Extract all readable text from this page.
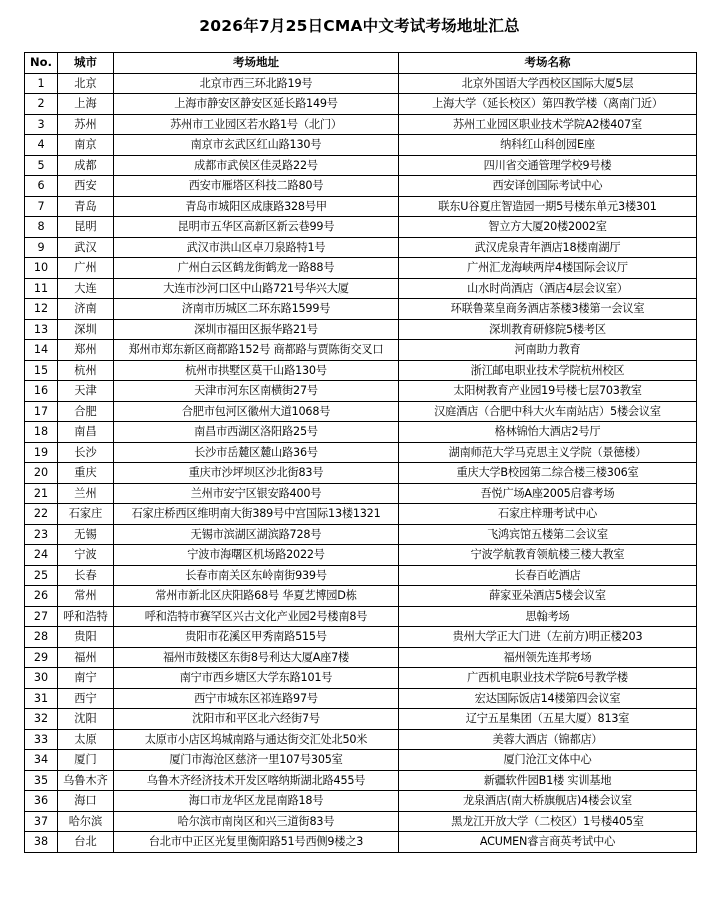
2026年7月25日CMA中文考试考场地址汇总
No.	城市	考场地址	考场名称
1	北京	北京市西三环北路19号	北京外国语大学西校区国际大厦5层
2	上海	上海市静安区静安区延长路149号	上海大学（延长校区）第四教学楼（离南门近）
3	苏州	苏州市工业园区若水路1号（北门）	苏州工业园区职业技术学院A2楼407室
4	南京	南京市玄武区红山路130号	纳科红山科创园E座
5	成都	成都市武侯区佳灵路22号	四川省交通管理学校9号楼
6	西安	西安市雁塔区科技二路80号	西安译创国际考试中心
7	青岛	青岛市城阳区成康路328号甲	联东U谷夏庄智造园一期5号楼东单元3楼301
8	昆明	昆明市五华区高新区新云巷99号	智立方大厦20楼2002室
9	武汉	武汉市洪山区卓刀泉路特1号	武汉虎泉青年酒店18楼南湖厅
10	广州	广州白云区鹤龙街鹤龙一路88号	广州汇龙海峡两岸4楼国际会议厅
11	大连	大连市沙河口区中山路721号华兴大厦	山水时尚酒店（酒店4层会议室）
12	济南	济南市历城区二环东路1599号	环联鲁菜皇商务酒店茶楼3楼第一会议室
13	深圳	深圳市福田区振华路21号	深圳教育研修院5楼考区
14	郑州	郑州市郑东新区商都路152号 商都路与贾陈街交叉口	河南助力教育
15	杭州	杭州市拱墅区莫干山路130号	浙江邮电职业技术学院杭州校区
16	天津	天津市河东区南横街27号	太阳树教育产业园19号楼七层703教室
17	合肥	合肥市包河区徽州大道1068号	汉庭酒店（合肥中科大火车南站店）5楼会议室
18	南昌	南昌市西湖区洛阳路25号	格林锦怡大酒店2号厅
19	长沙	长沙市岳麓区麓山路36号	湖南师范大学马克思主义学院（景德楼）
20	重庆	重庆市沙坪坝区沙北街83号	重庆大学B校园第二综合楼三楼306室
21	兰州	兰州市安宁区银安路400号	吾悦广场A座2005启睿考场
22	石家庄	石家庄桥西区维明南大街389号中宫国际13楼1321	石家庄梓珊考试中心
23	无锡	无锡市滨湖区湖滨路728号	飞鸿宾馆五楼第二会议室
24	宁波	宁波市海曙区机场路2022号	宁波学航教育领航楼三楼大教室
25	长春	长春市南关区东岭南街939号	长春百屹酒店
26	常州	常州市新北区庆阳路68号 华夏艺博园D栋	薛家亚朵酒店5楼会议室
27	呼和浩特	呼和浩特市赛罕区兴古文化产业园2号楼南8号	思翰考场
28	贵阳	贵阳市花溪区甲秀南路515号	贵州大学正大门进（左前方)明正楼203
29	福州	福州市鼓楼区东街8号利达大厦A座7楼	福州领先连邦考场
30	南宁	南宁市西乡塘区大学东路101号	广西机电职业技术学院6号教学楼
31	西宁	西宁市城东区祁连路97号	宏达国际饭店14楼第四会议室
32	沈阳	沈阳市和平区北六经街7号	辽宁五星集团（五星大厦）813室
33	太原	太原市小店区坞城南路与通达街交汇处北50米	美蓉大酒店（锦都店）
34	厦门	厦门市海沧区慈济一里107号305室	厦门沧江文体中心
35	乌鲁木齐	乌鲁木齐经济技术开发区喀纳斯湖北路455号	新疆软件园B1楼 实训基地
36	海口	海口市龙华区龙昆南路18号	龙泉酒店(南大桥旗舰店)4楼会议室
37	哈尔滨	哈尔滨市南岗区和兴三道街83号	黑龙江开放大学（二校区）1号楼405室
38	台北	台北市中正区光复里衡阳路51号西侧9楼之3	ACUMEN睿言商英考试中心
